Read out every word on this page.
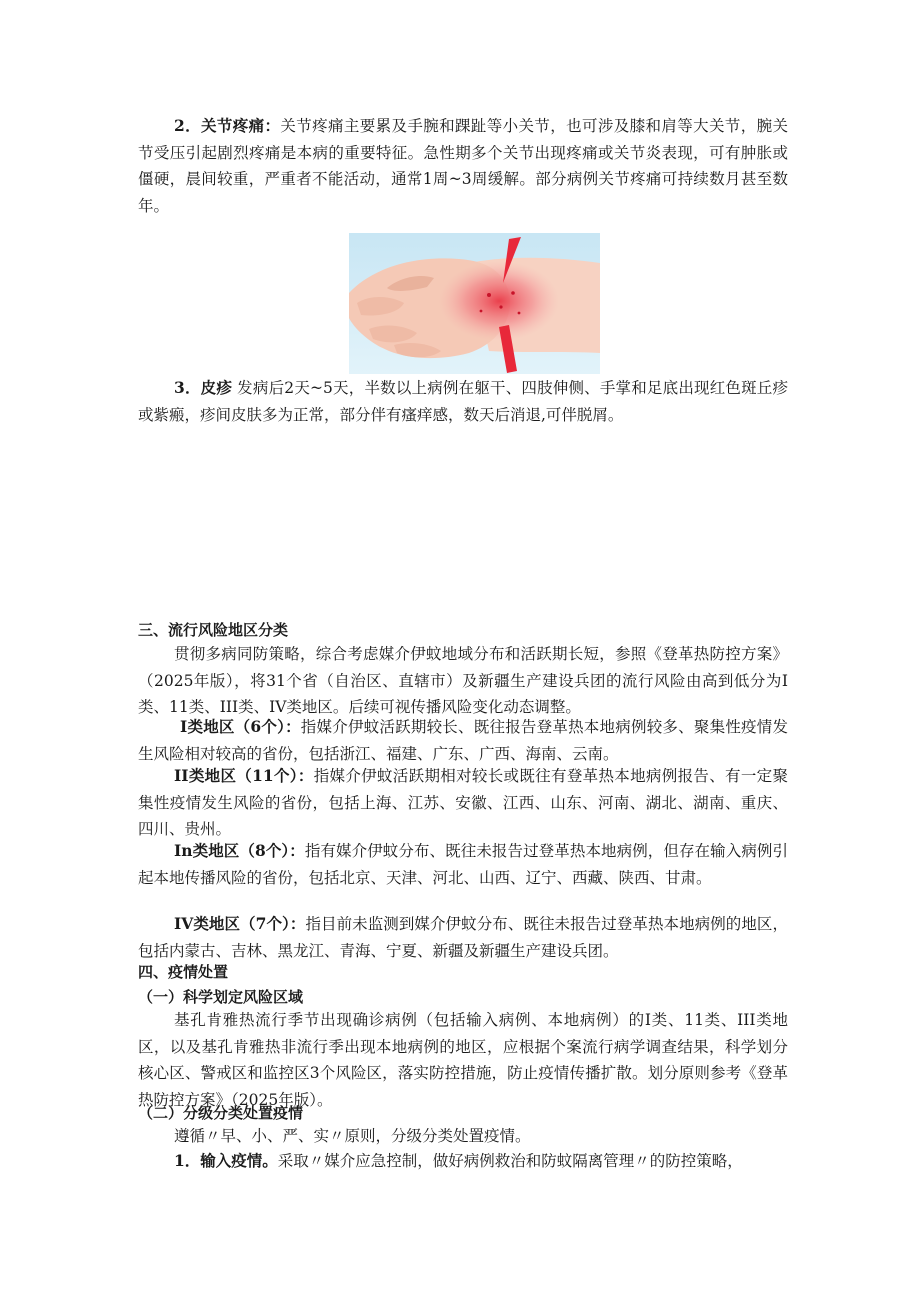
2．关节疼痛：关节疼痛主要累及手腕和踝趾等小关节，也可涉及膝和肩等大关节，腕关节受压引起剧烈疼痛是本病的重要特征。急性期多个关节出现疼痛或关节炎表现，可有肿胀或僵硬，晨间较重，严重者不能活动，通常1周~3周缓解。部分病例关节疼痛可持续数月甚至数年。

3．皮疹 发病后2天~5天，半数以上病例在躯干、四肢伸侧、手掌和足底出现红色斑丘疹或紫瘢，疹间皮肤多为正常，部分伴有瘙痒感，数天后消退,可伴脱屑。

三、流行风险地区分类

贯彻多病同防策略，综合考虑媒介伊蚊地域分布和活跃期长短，参照《登革热防控方案》（2025年版），将31个省（自治区、直辖市）及新疆生产建设兵团的流行风险由高到低分为I类、11类、III类、IV类地区。后续可视传播风险变化动态调整。

I类地区（6个）：指媒介伊蚊活跃期较长、既往报告登革热本地病例较多、聚集性疫情发生风险相对较高的省份，包括浙江、福建、广东、广西、海南、云南。

II类地区（11个）：指媒介伊蚊活跃期相对较长或既往有登革热本地病例报告、有一定聚集性疫情发生风险的省份，包括上海、江苏、安徽、江西、山东、河南、湖北、湖南、重庆、四川、贵州。

In类地区（8个）：指有媒介伊蚊分布、既往未报告过登革热本地病例，但存在输入病例引起本地传播风险的省份，包括北京、天津、河北、山西、辽宁、西藏、陕西、甘肃。

IV类地区（7个）：指目前未监测到媒介伊蚊分布、既往未报告过登革热本地病例的地区，包括内蒙古、吉林、黑龙江、青海、宁夏、新疆及新疆生产建设兵团。

四、疫情处置

（一）科学划定风险区域

基孔肯雅热流行季节出现确诊病例（包括输入病例、本地病例）的I类、11类、III类地区，以及基孔肯雅热非流行季出现本地病例的地区，应根据个案流行病学调查结果，科学划分核心区、警戒区和监控区3个风险区，落实防控措施，防止疫情传播扩散。划分原则参考《登革热防控方案》（2025年版）。

（二）分级分类处置疫情

遵循〃早、小、严、实〃原则，分级分类处置疫情。

1．输入疫情。采取〃媒介应急控制，做好病例救治和防蚊隔离管理〃的防控策略，
